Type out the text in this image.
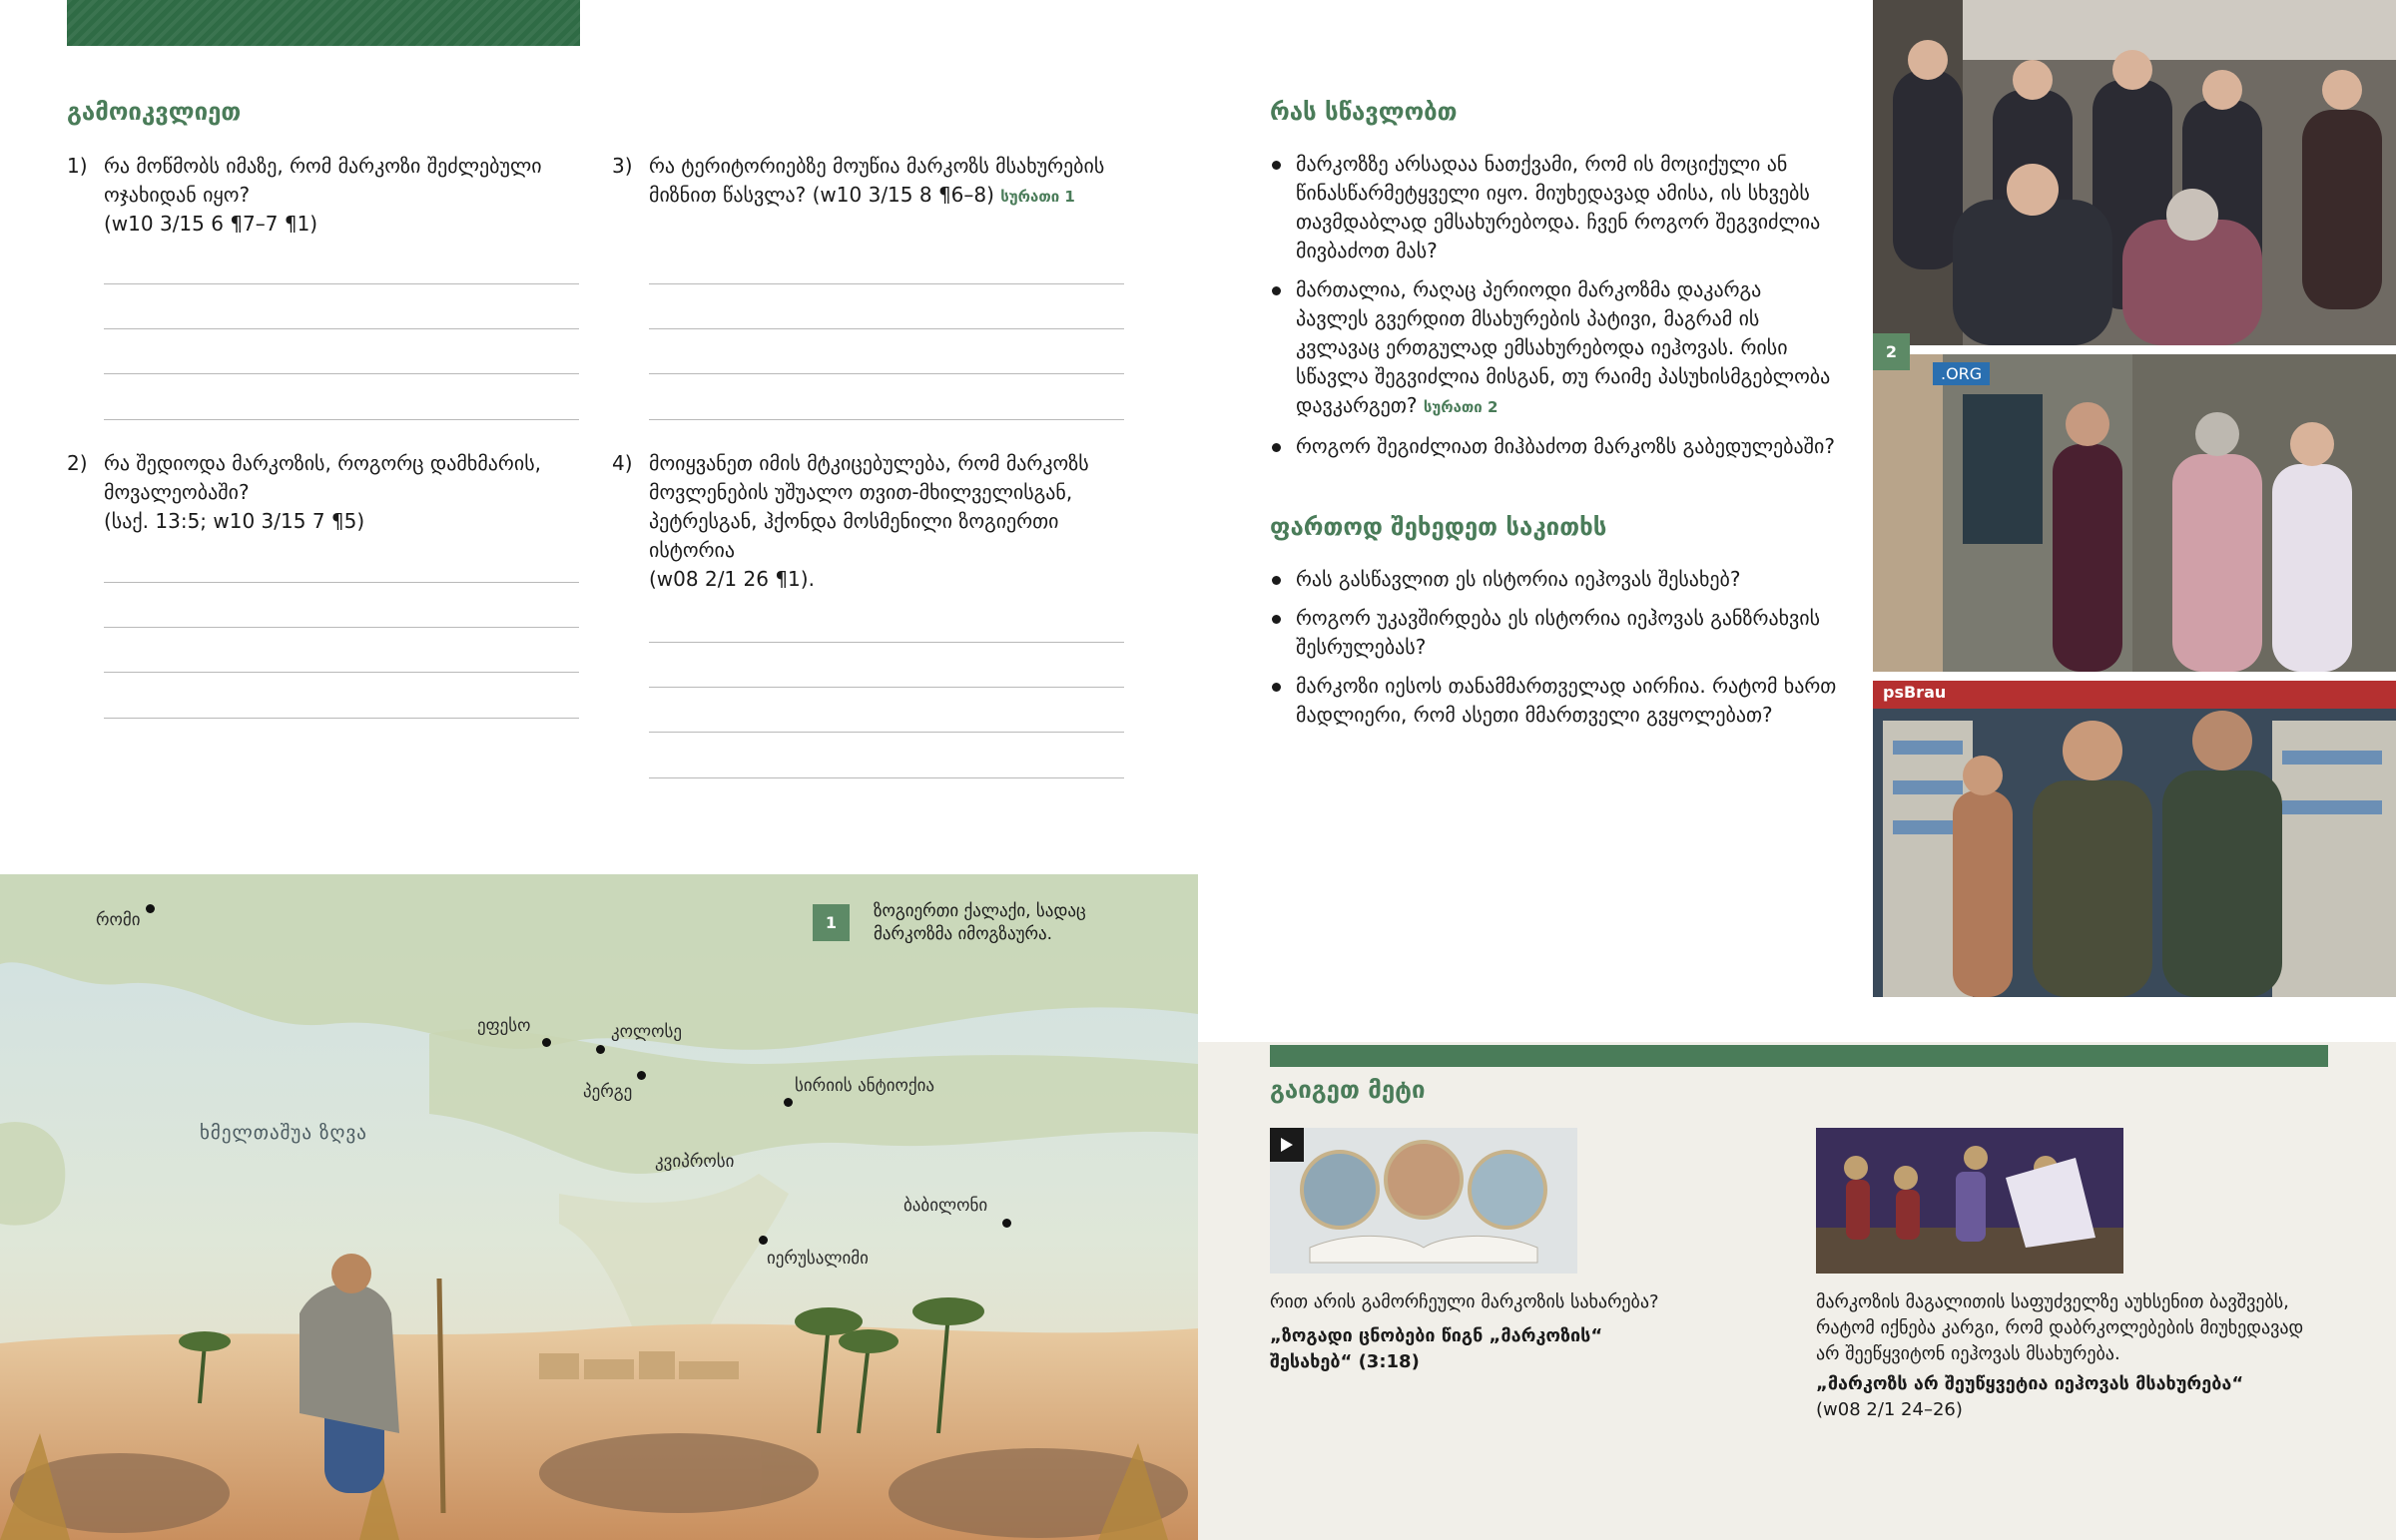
გამოიკვლიეთ
1) რა მოწმობს იმაზე, რომ მარკოზი შეძლებული ოჯახიდან იყო?
(w10 3/15 6 ¶7–7 ¶1)
2) რა შედიოდა მარკოზის, როგორც დამხმარის, მოვალეობაში?
(საქ. 13:5; w10 3/15 7 ¶5)
3) რა ტერიტორიებზე მოუწია მარკოზს მსახურების მიზნით წასვლა? (w10 3/15 8 ¶6–8) სურათი 1
4) მოიყვანეთ იმის მტკიცებულება, რომ მარკოზს მოვლენების უშუალო თვით-მხილველისგან, პეტრესგან, ჰქონდა მოსმენილი ზოგიერთი ისტორია
(w08 2/1 26 ¶1).
რას სწავლობთ
მარკოზზე არსადაა ნათქვამი, რომ ის მოციქული ან წინასწარმეტყველი იყო. მიუხედავად ამისა, ის სხვებს თავმდაბლად ემსახურებოდა. ჩვენ როგორ შეგვიძლია მივბაძოთ მას?
მართალია, რაღაც პერიოდი მარკოზმა დაკარგა პავლეს გვერდით მსახურების პატივი, მაგრამ ის კვლავაც ერთგულად ემსახურებოდა იეჰოვას. რისი სწავლა შეგვიძლია მისგან, თუ რაიმე პასუხისმგებლობა დავკარგეთ? სურათი 2
როგორ შეგიძლიათ მიჰბაძოთ მარკოზს გაბედულებაში?
ფართოდ შეხედეთ საკითხს
რას გასწავლით ეს ისტორია იეჰოვას შესახებ?
როგორ უკავშირდება ეს ისტორია იეჰოვას განზრახვის შესრულებას?
მარკოზი იესოს თანამმართველად აირჩია. რატომ ხართ მადლიერი, რომ ასეთი მმართველი გვყოლებათ?
.ORG
2
psBrau
1
ზოგიერთი ქალაქი, სადაც მარკოზმა იმოგზაურა.
რომი
ეფესო	კოლოსე
პერგე	სირიის ანტიოქია
კვიპროსი
ბაბილონი
იერუსალიმი
ხმელთაშუა ზღვა
გაიგეთ მეტი
რით არის გამორჩეული მარკოზის სახარება?
„ზოგადი ცნობები წიგნ „მარკოზის“ შესახებ“ (3:18)
მარკოზის მაგალითის საფუძველზე აუხსენით ბავშვებს, რატომ იქნება კარგი, რომ დაბრკოლებების მიუხედავად არ შეეწყვიტონ იეჰოვას მსახურება.
„მარკოზს არ შეუწყვეტია იეჰოვას მსახურება“
(w08 2/1 24–26)
